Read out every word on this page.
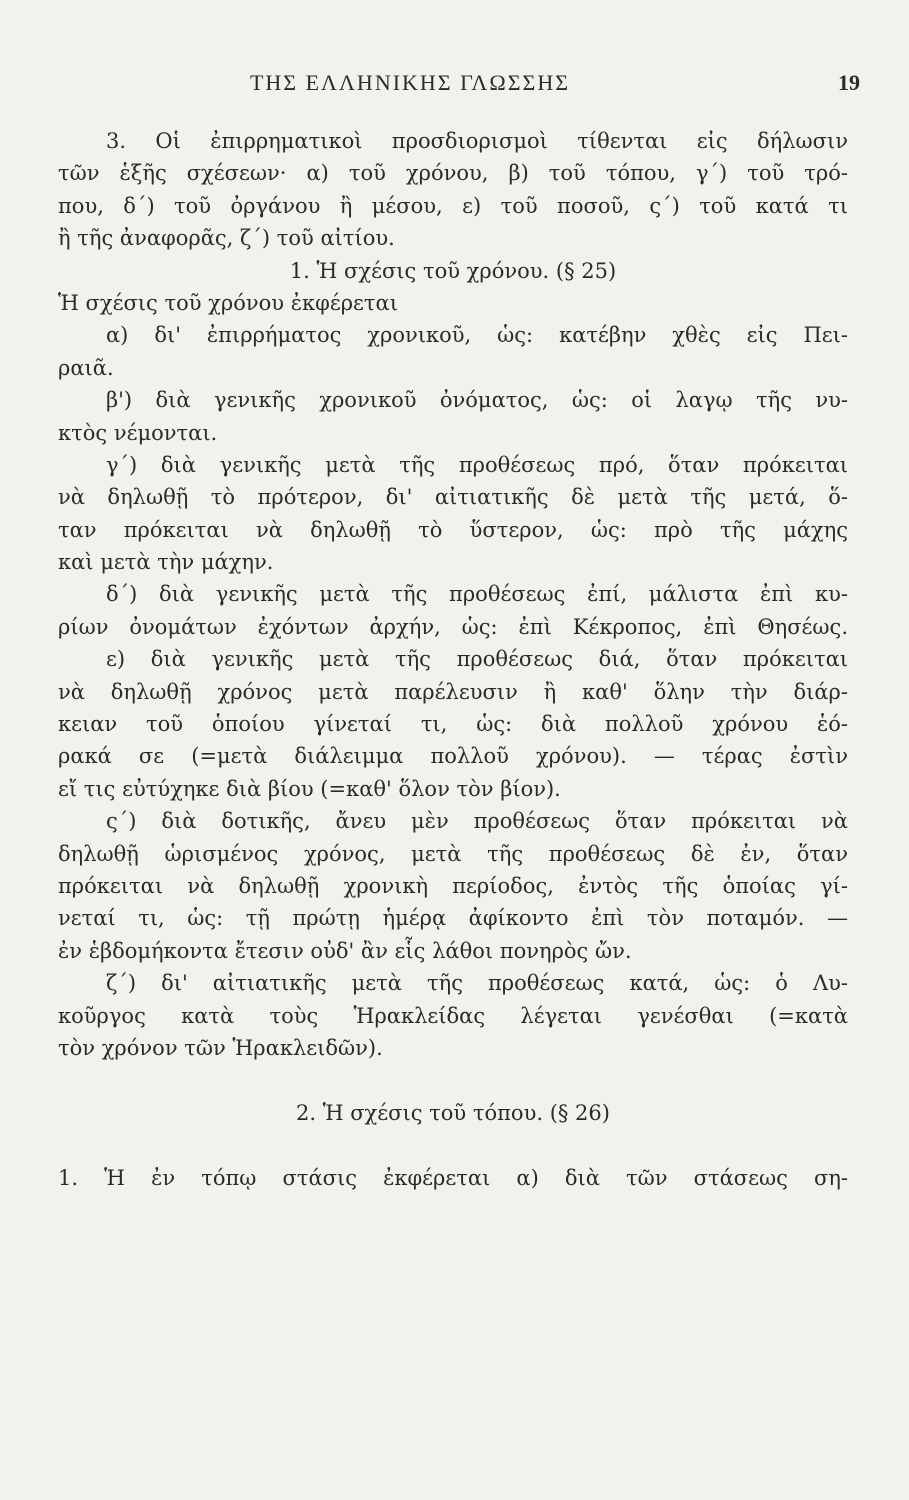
ΤΗΣ ΕΛΛΗΝΙΚΗΣ ΓΛΩΣΣΗΣ	19
3. Οἱ ἐπιρρηματικοὶ προσδιορισμοὶ τίθενται εἰς δήλωσιν
τῶν ἑξῆς σχέσεων· α) τοῦ χρόνου, β) τοῦ τόπου, γ΄) τοῦ τρό-
που, δ΄) τοῦ ὀργάνου ἢ μέσου, ε) τοῦ ποσοῦ, ς΄) τοῦ κατά τι
ἢ τῆς ἀναφορᾶς, ζ΄) τοῦ αἰτίου.
1. Ἡ σχέσις τοῦ χρόνου. (§ 25)
Ἡ σχέσις τοῦ χρόνου ἐκφέρεται
α) δι' ἐπιρρήματος χρονικοῦ, ὡς: κατέβην χθὲς εἰς Πει-
ραιᾶ.
β') διὰ γενικῆς χρονικοῦ ὀνόματος, ὡς: οἱ λαγῳ τῆς νυ-
κτὸς νέμονται.
γ΄) διὰ γενικῆς μετὰ τῆς προθέσεως πρό, ὅταν πρόκειται
νὰ δηλωθῇ τὸ πρότερον, δι' αἰτιατικῆς δὲ μετὰ τῆς μετά, ὅ-
ταν πρόκειται νὰ δηλωθῇ τὸ ὕστερον, ὡς: πρὸ τῆς μάχης
καὶ μετὰ τὴν μάχην.
δ΄) διὰ γενικῆς μετὰ τῆς προθέσεως ἐπί, μάλιστα ἐπὶ κυ-
ρίων ὀνομάτων ἐχόντων ἀρχήν, ὡς: ἐπὶ Κέκροπος, ἐπὶ Θησέως.
ε) διὰ γενικῆς μετὰ τῆς προθέσεως διά, ὅταν πρόκειται
νὰ δηλωθῇ χρόνος μετὰ παρέλευσιν ἢ καθ' ὅλην τὴν διάρ-
κειαν τοῦ ὁποίου γίνεταί τι, ὡς: διὰ πολλοῦ χρόνου ἑό-
ρακά σε (=μετὰ διάλειμμα πολλοῦ χρόνου). — τέρας ἐστὶν
εἴ τις εὐτύχηκε διὰ βίου (=καθ' ὅλον τὸν βίον).
ς΄) διὰ δοτικῆς, ἄνευ μὲν προθέσεως ὅταν πρόκειται νὰ
δηλωθῇ ὡρισμένος χρόνος, μετὰ τῆς προθέσεως δὲ ἐν, ὅταν
πρόκειται νὰ δηλωθῇ χρονικὴ περίοδος, ἐντὸς τῆς ὁποίας γί-
νεταί τι, ὡς: τῇ πρώτῃ ἡμέρᾳ ἀφίκοντο ἐπὶ τὸν ποταμόν. —
ἐν ἑβδομήκοντα ἔτεσιν οὐδ' ἂν εἷς λάθοι πονηρὸς ὤν.
ζ΄) δι' αἰτιατικῆς μετὰ τῆς προθέσεως κατά, ὡς: ὁ Λυ-
κοῦργος κατὰ τοὺς Ἡρακλείδας λέγεται γενέσθαι (=κατὰ
τὸν χρόνον τῶν Ἡρακλειδῶν).
2. Ἡ σχέσις τοῦ τόπου. (§ 26)
1. Ἡ ἐν τόπῳ στάσις ἐκφέρεται α) διὰ τῶν στάσεως ση-
